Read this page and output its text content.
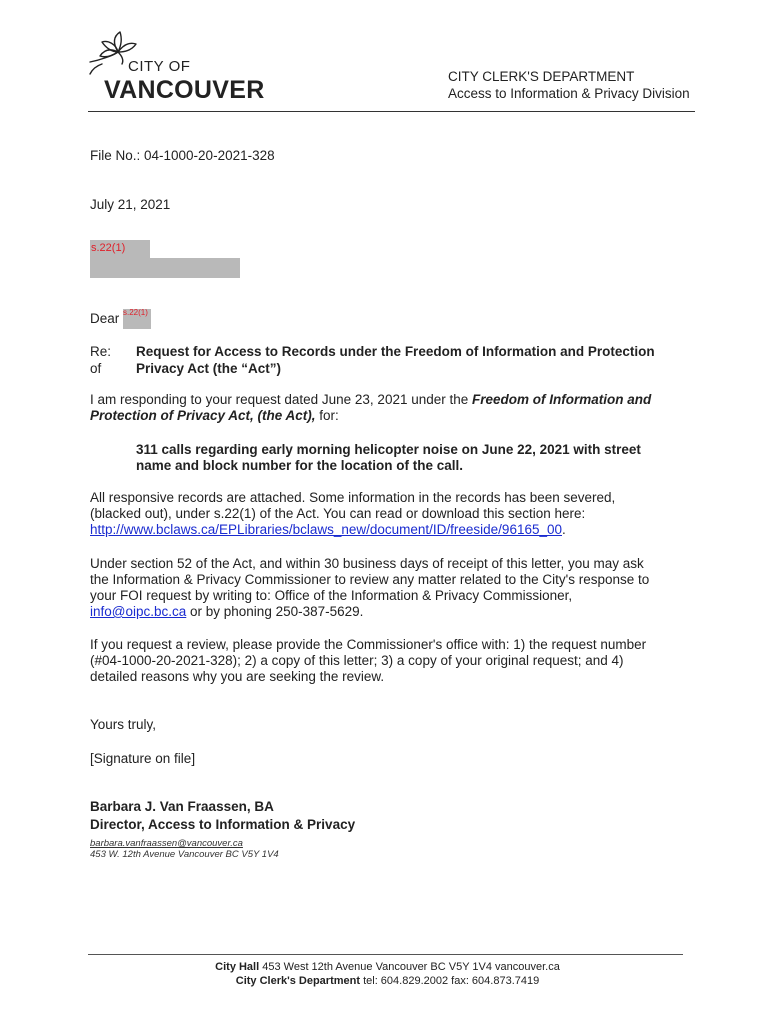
CITY OF
VANCOUVER	CITY CLERK'S DEPARTMENT
Access to Information & Privacy Division
File No.: 04-1000-20-2021-328
July 21, 2021
s.22(1)
Dear s.22(1)
Re:
of
Request for Access to Records under the Freedom of Information and Protection
Privacy Act (the “Act”)
I am responding to your request dated June 23, 2021 under the Freedom of Information and
Protection of Privacy Act, (the Act), for:
311 calls regarding early morning helicopter noise on June 22, 2021 with street
name and block number for the location of the call.
All responsive records are attached. Some information in the records has been severed,
(blacked out), under s.22(1) of the Act. You can read or download this section here:
http://www.bclaws.ca/EPLibraries/bclaws_new/document/ID/freeside/96165_00.
Under section 52 of the Act, and within 30 business days of receipt of this letter, you may ask
the Information & Privacy Commissioner to review any matter related to the City's response to
your FOI request by writing to: Office of the Information & Privacy Commissioner,
info@oipc.bc.ca or by phoning 250-387-5629.
If you request a review, please provide the Commissioner's office with: 1) the request number
(#04-1000-20-2021-328); 2) a copy of this letter; 3) a copy of your original request; and 4)
detailed reasons why you are seeking the review.
Yours truly,
[Signature on file]
Barbara J. Van Fraassen, BA
Director, Access to Information & Privacy
barbara.vanfraassen@vancouver.ca
453 W. 12th Avenue Vancouver BC V5Y 1V4
City Hall 453 West 12th Avenue Vancouver BC V5Y 1V4 vancouver.ca
City Clerk's Department tel: 604.829.2002 fax: 604.873.7419
